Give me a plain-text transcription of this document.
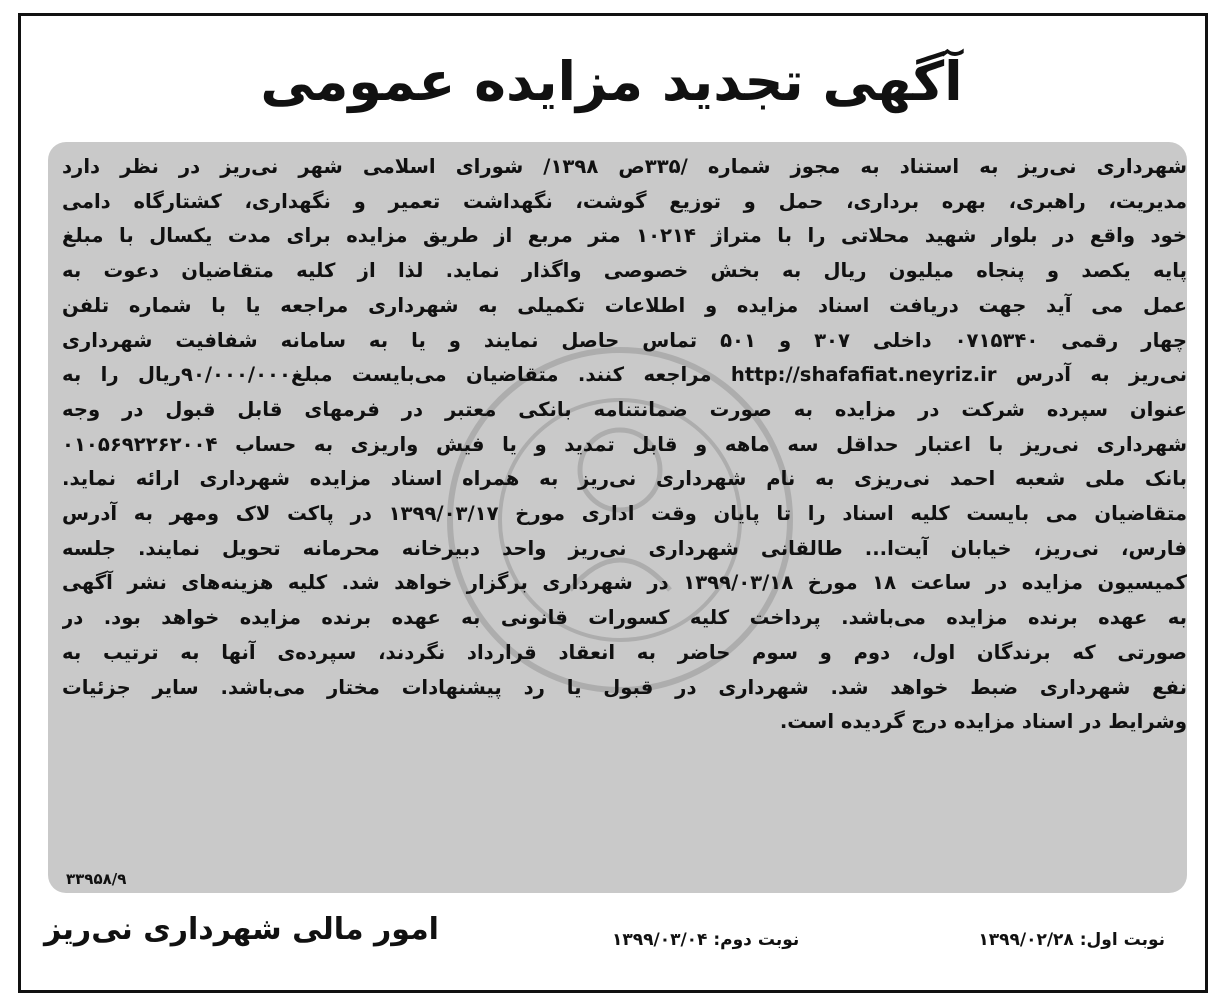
آگهی تجدید مزایده عمومی
شهرداری نی‌ریز به استناد به مجوز شماره /۳۳۵ص ۱۳۹۸/ شورای اسلامی شهر نی‌ریز در نظر دارد
مدیریت، راهبری، بهره برداری، حمل و توزیع گوشت، نگهداشت تعمیر و نگهداری، کشتارگاه دامی
خود واقع در بلوار شهید محلاتی را با متراژ ۱۰۲۱۴ متر مربع از طریق مزایده برای مدت یکسال با مبلغ
پایه یکصد و پنجاه میلیون ریال به بخش خصوصی واگذار نماید. لذا از کلیه متقاضیان دعوت به
عمل می آید جهت دریافت اسناد مزایده و اطلاعات تکمیلی به شهرداری مراجعه یا با شماره تلفن
چهار رقمی ۰۷۱۵۳۴۰ داخلی ۳۰۷ و ۵۰۱ تماس حاصل نمایند و یا به سامانه شفافیت شهرداری
نی‌ریز به آدرس http://shafafiat.neyriz.ir مراجعه کنند. متقاضیان می‌بایست مبلغ۹۰/۰۰۰/۰۰۰ریال را به
عنوان سپرده شرکت در مزایده به صورت ضمانتنامه بانکی معتبر در فرمهای قابل قبول در وجه
شهرداری نی‌ریز با اعتبار حداقل سه ماهه و قابل تمدید و یا فیش واریزی به حساب ۰۱۰۵۶۹۲۲۶۲۰۰۴
بانک ملی شعبه احمد نی‌ریزی به نام شهرداری نی‌ریز به همراه اسناد مزایده شهرداری ارائه نماید.
متقاضیان می بایست کلیه اسناد را تا پایان وقت اداری مورخ ۱۳۹۹/۰۳/۱۷ در پاکت لاک ومهر به آدرس
فارس، نی‌ریز، خیابان آیت‌ا... طالقانی شهرداری نی‌ریز واحد دبیرخانه محرمانه تحویل نمایند. جلسه
کمیسیون مزایده در ساعت ۱۸ مورخ ۱۳۹۹/۰۳/۱۸ در شهرداری برگزار خواهد شد. کلیه هزینه‌های نشر آگهی
به عهده برنده مزایده می‌باشد. پرداخت کلیه کسورات قانونی به عهده برنده مزایده خواهد بود. در
صورتی که برندگان اول، دوم و سوم حاضر به انعقاد قرارداد نگردند، سپرده‌ی آنها به ترتیب به
نفع شهرداری ضبط خواهد شد. شهرداری در قبول یا رد پیشنهادات مختار می‌باشد. سایر جزئیات
وشرایط در اسناد مزایده درج گردیده است.
۳۳۹۵۸/۹
امور مالی شهرداری نی‌ریز	نوبت دوم: ۱۳۹۹/۰۳/۰۴	نوبت اول: ۱۳۹۹/۰۲/۲۸
